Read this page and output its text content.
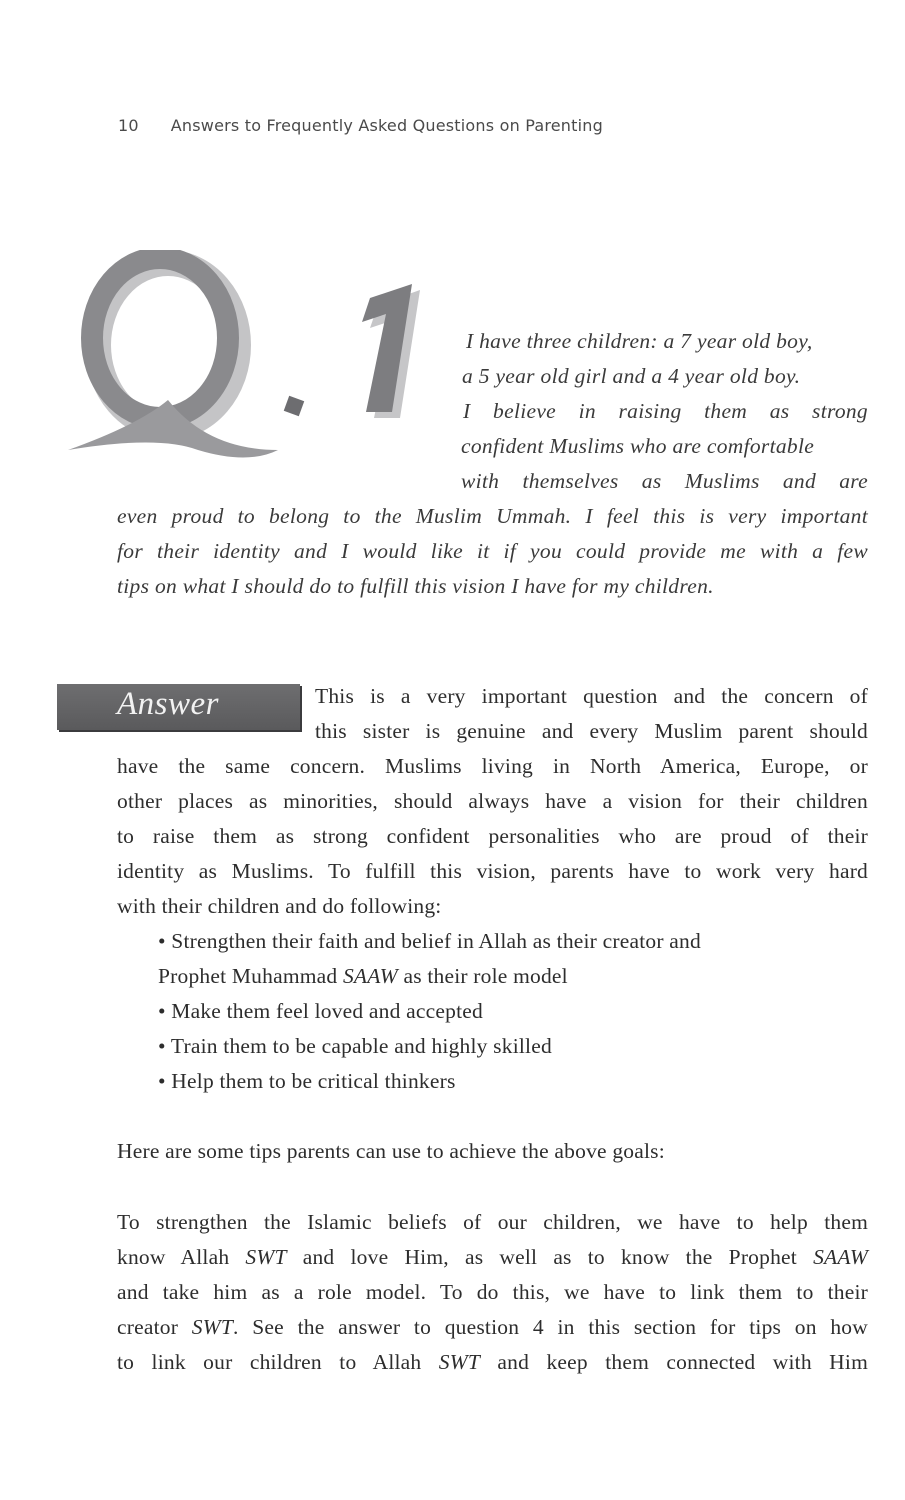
10 Answers to Frequently Asked Questions on Parenting
I have three children: a 7 year old boy,
a 5 year old girl and a 4 year old boy.
I believe in raising them as strong
confident Muslims who are comfortable
with themselves as Muslims and are
even proud to belong to the Muslim Ummah. I feel this is very important
for their identity and I would like it if you could provide me with a few
tips on what I should do to fulfill this vision I have for my children.
Answer	This is a very important question and the concern of
this sister is genuine and every Muslim parent should
have the same concern. Muslims living in North America, Europe, or
other places as minorities, should always have a vision for their children
to raise them as strong confident personalities who are proud of their
identity as Muslims. To fulfill this vision, parents have to work very hard
with their children and do following:
• Strengthen their faith and belief in Allah as their creator and
Prophet Muhammad SAAW as their role model
• Make them feel loved and accepted
• Train them to be capable and highly skilled
• Help them to be critical thinkers
Here are some tips parents can use to achieve the above goals:
To strengthen the Islamic beliefs of our children, we have to help them
know Allah SWT and love Him, as well as to know the Prophet SAAW
and take him as a role model. To do this, we have to link them to their
creator SWT. See the answer to question 4 in this section for tips on how
to link our children to Allah SWT and keep them connected with Him
